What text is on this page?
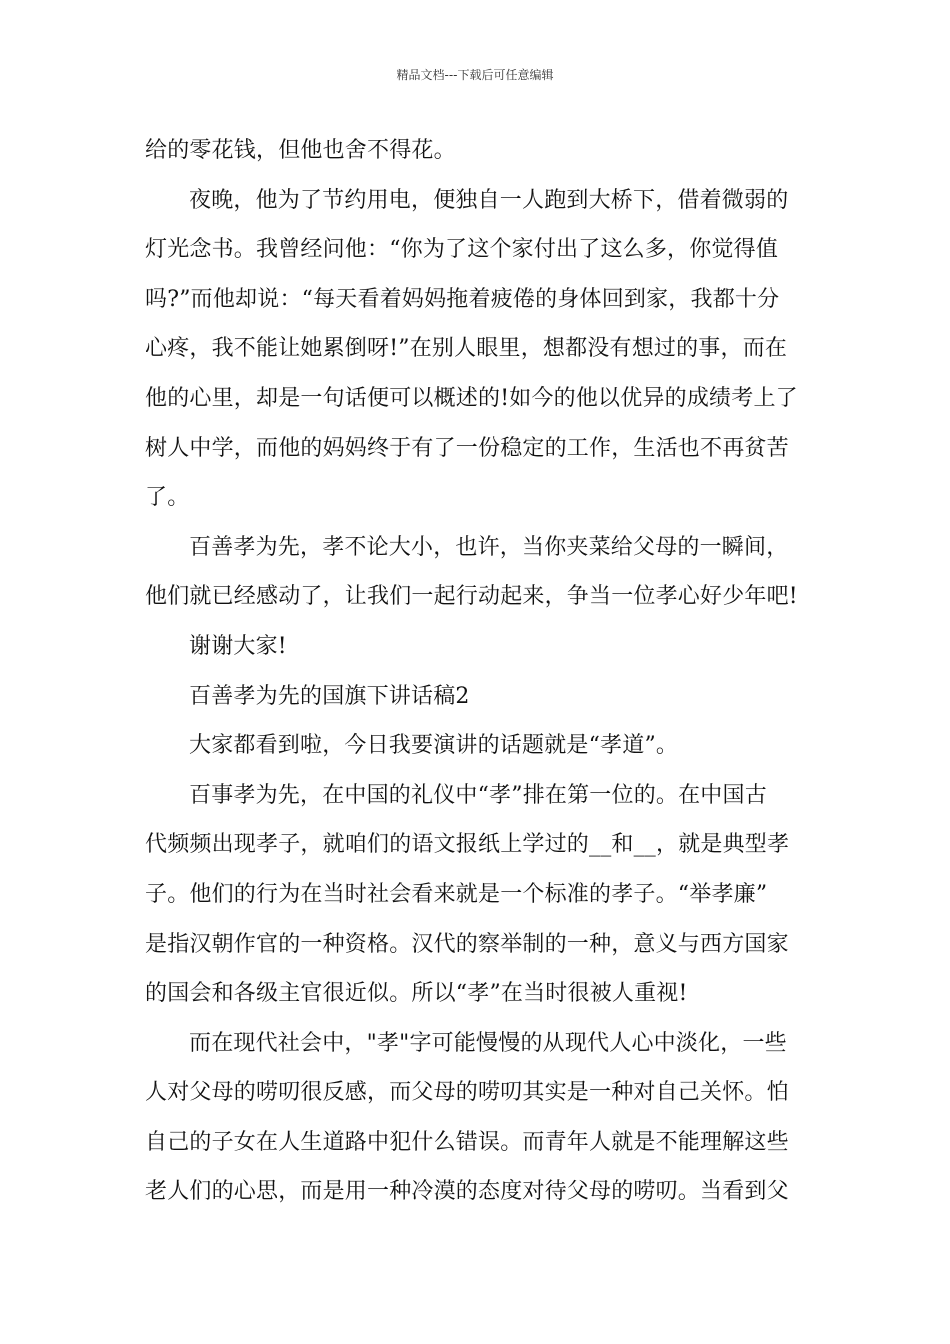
精品文档---下载后可任意编辑
给的零花钱，但他也舍不得花。
夜晚，他为了节约用电，便独自一人跑到大桥下，借着微弱的
灯光念书。我曾经问他：“你为了这个家付出了这么多，你觉得值
吗?”而他却说：“每天看着妈妈拖着疲倦的身体回到家，我都十分
心疼，我不能让她累倒呀!”在别人眼里，想都没有想过的事，而在
他的心里，却是一句话便可以概述的!如今的他以优异的成绩考上了
树人中学，而他的妈妈终于有了一份稳定的工作，生活也不再贫苦
了。
百善孝为先，孝不论大小，也许，当你夹菜给父母的一瞬间，
他们就已经感动了，让我们一起行动起来，争当一位孝心好少年吧!
谢谢大家!
百善孝为先的国旗下讲话稿2
大家都看到啦，今日我要演讲的话题就是“孝道”。
百事孝为先，在中国的礼仪中“孝”排在第一位的。在中国古
代频频出现孝子，就咱们的语文报纸上学过的__和__，就是典型孝
子。他们的行为在当时社会看来就是一个标准的孝子。“举孝廉”
是指汉朝作官的一种资格。汉代的察举制的一种，意义与西方国家
的国会和各级主官很近似。所以“孝”在当时很被人重视!
而在现代社会中，"孝"字可能慢慢的从现代人心中淡化，一些
人对父母的唠叨很反感，而父母的唠叨其实是一种对自己关怀。怕
自己的子女在人生道路中犯什么错误。而青年人就是不能理解这些
老人们的心思，而是用一种冷漠的态度对待父母的唠叨。当看到父
